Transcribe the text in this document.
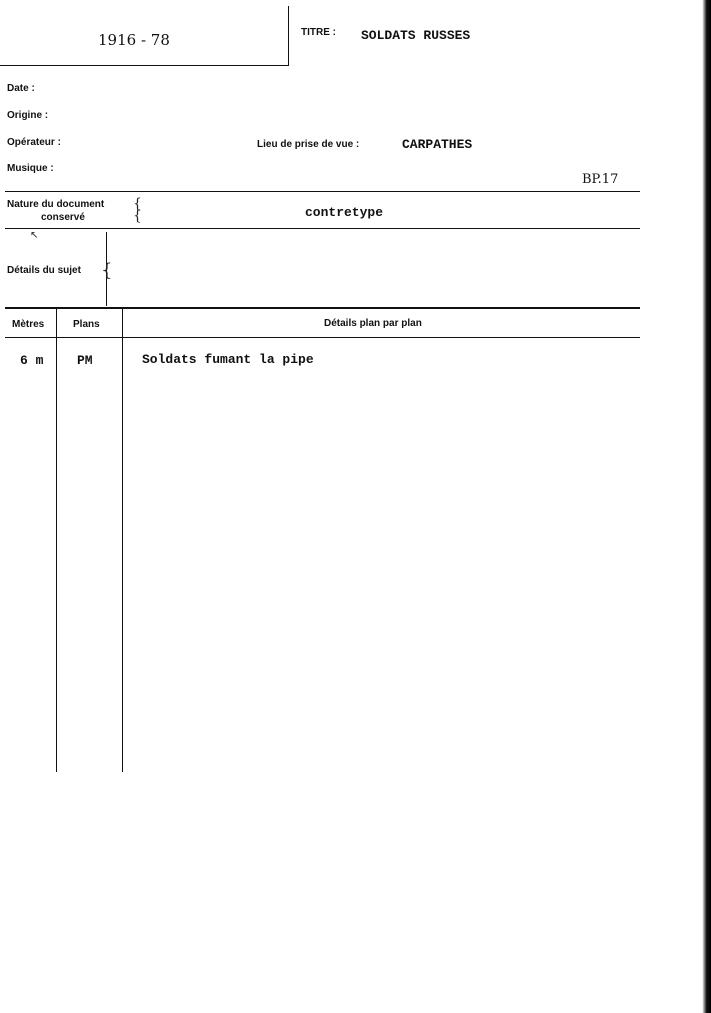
1916 - 78	TITRE : SOLDATS RUSSES
Date :
Origine :
Opérateur :	Lieu de prise de vue :	CARPATHES
Musique :
BP.17
Nature du document
conservé
{
{	contretype
↖
Détails du sujet {
Mètres	Plans	Détails plan par plan
6 m	PM	Soldats fumant la pipe
